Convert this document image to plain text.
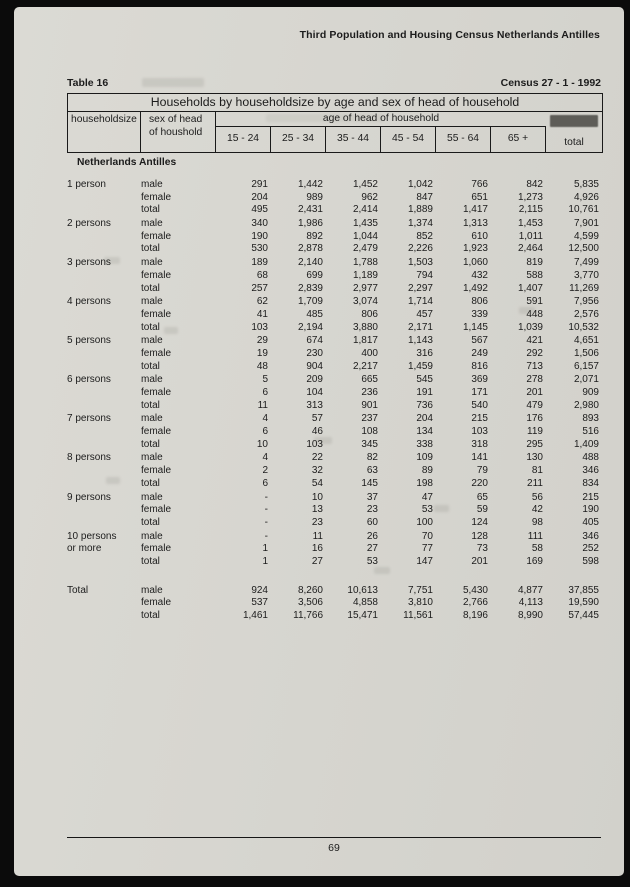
Third Population and Housing Census Netherlands Antilles
Table 16	Census 27 - 1 - 1992
Households by householdsize by age and sex of head of household
householdsize	sex of head
of houshold
age of head of household
15 - 24	25 - 34	35 - 44	45 - 54	55 - 64	65 +	total
Netherlands Antilles
1 person	male	291	1,442	1,452	1,042	766	842	5,835
female	204	989	962	847	651	1,273	4,926
total	495	2,431	2,414	1,889	1,417	2,115	10,761
2 persons	male	340	1,986	1,435	1,374	1,313	1,453	7,901
female	190	892	1,044	852	610	1,011	4,599
total	530	2,878	2,479	2,226	1,923	2,464	12,500
3 persons	male	189	2,140	1,788	1,503	1,060	819	7,499
female	68	699	1,189	794	432	588	3,770
total	257	2,839	2,977	2,297	1,492	1,407	11,269
4 persons	male	62	1,709	3,074	1,714	806	591	7,956
female	41	485	806	457	339	448	2,576
total	103	2,194	3,880	2,171	1,145	1,039	10,532
5 persons	male	29	674	1,817	1,143	567	421	4,651
female	19	230	400	316	249	292	1,506
total	48	904	2,217	1,459	816	713	6,157
6 persons	male	5	209	665	545	369	278	2,071
female	6	104	236	191	171	201	909
total	11	313	901	736	540	479	2,980
7 persons	male	4	57	237	204	215	176	893
female	6	46	108	134	103	119	516
total	10	103	345	338	318	295	1,409
8 persons	male	4	22	82	109	141	130	488
female	2	32	63	89	79	81	346
total	6	54	145	198	220	211	834
9 persons	male	-	10	37	47	65	56	215
female	-	13	23	53	59	42	190
total	-	23	60	100	124	98	405
10 persons	male	-	11	26	70	128	111	346
or more	female	1	16	27	77	73	58	252
total	1	27	53	147	201	169	598
Total	male	924	8,260	10,613	7,751	5,430	4,877	37,855
female	537	3,506	4,858	3,810	2,766	4,113	19,590
total	1,461	11,766	15,471	11,561	8,196	8,990	57,445
69
